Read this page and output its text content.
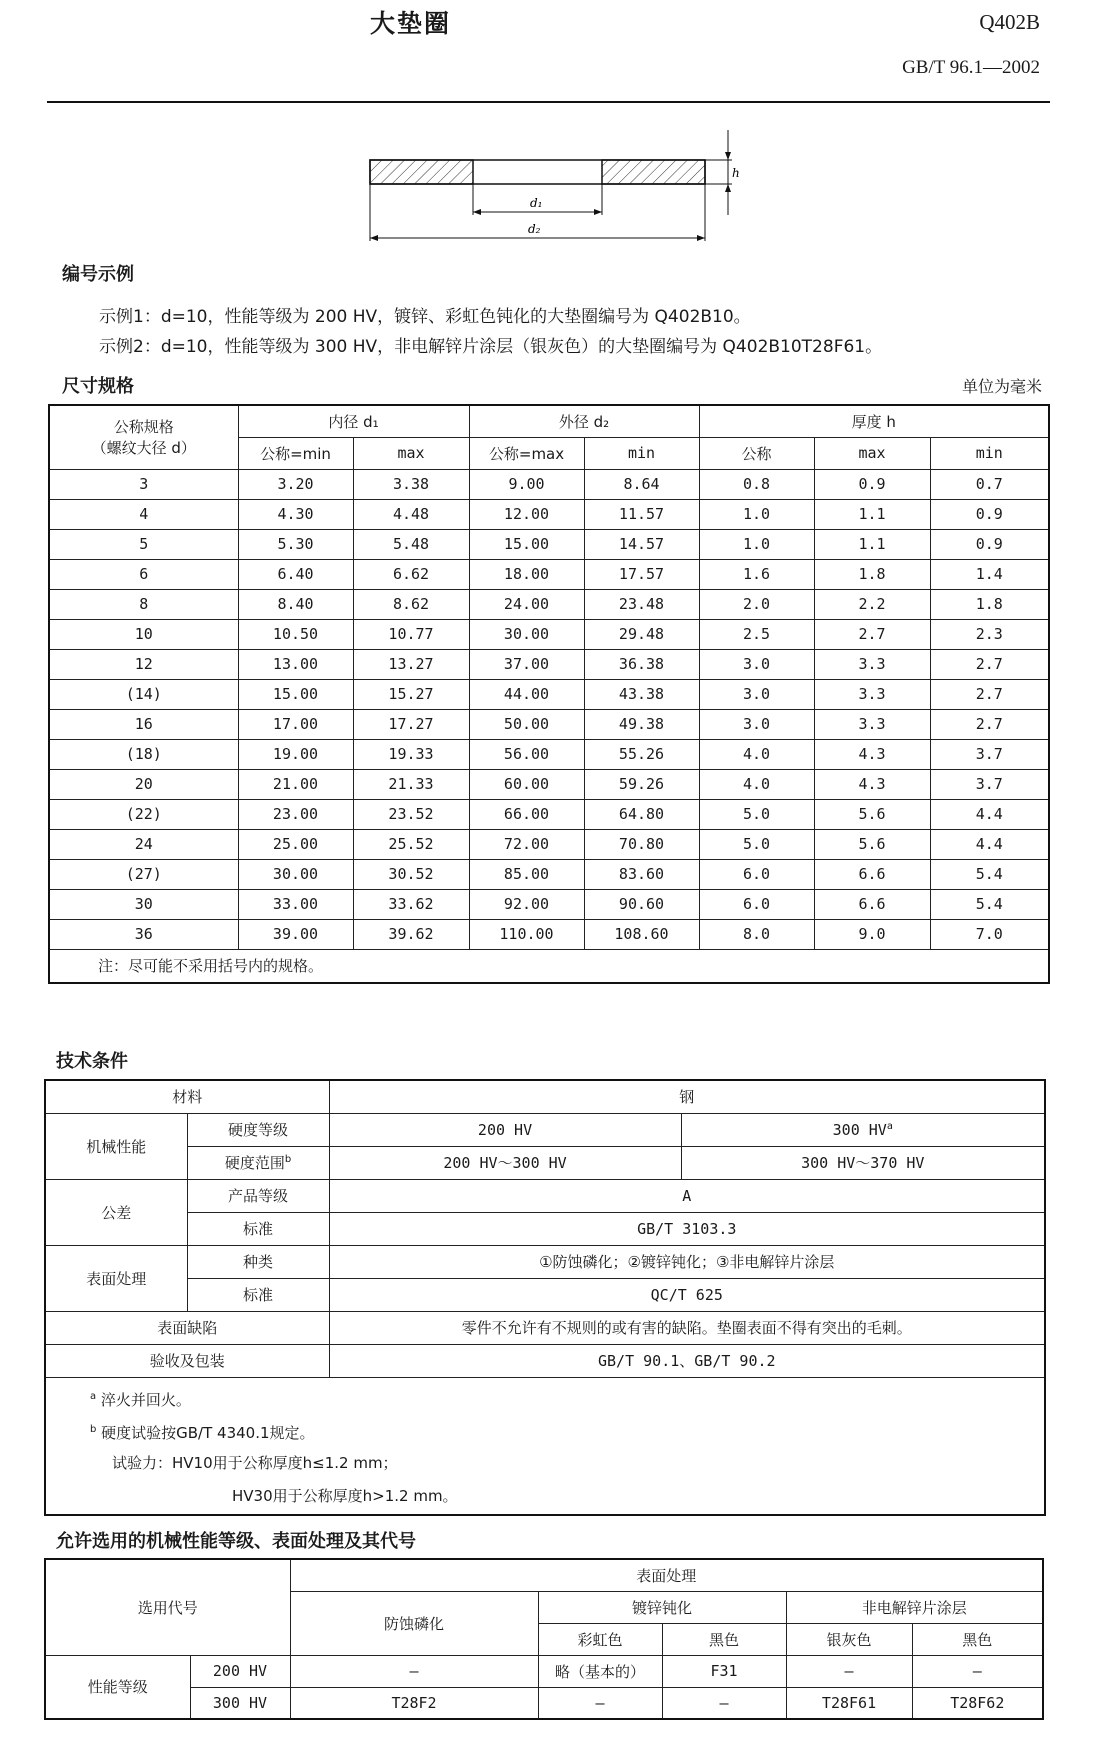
大垫圈	Q402B
GB/T 96.1—2002
d₁
d₂
h
编号示例
示例1：d=10，性能等级为 200 HV，镀锌、彩虹色钝化的大垫圈编号为 Q402B10。
示例2：d=10，性能等级为 300 HV，非电解锌片涂层（银灰色）的大垫圈编号为 Q402B10T28F61。
尺寸规格	单位为毫米
公称规格
（螺纹大径 d）	内径 d₁		外径 d₂		厚度 h		
	公称=min	max	公称=max	min	公称	max	min
3	3.20	3.38	9.00	8.64	0.8	0.9	0.7
4	4.30	4.48	12.00	11.57	1.0	1.1	0.9
5	5.30	5.48	15.00	14.57	1.0	1.1	0.9
6	6.40	6.62	18.00	17.57	1.6	1.8	1.4
8	8.40	8.62	24.00	23.48	2.0	2.2	1.8
10	10.50	10.77	30.00	29.48	2.5	2.7	2.3
12	13.00	13.27	37.00	36.38	3.0	3.3	2.7
(14)	15.00	15.27	44.00	43.38	3.0	3.3	2.7
16	17.00	17.27	50.00	49.38	3.0	3.3	2.7
(18)	19.00	19.33	56.00	55.26	4.0	4.3	3.7
20	21.00	21.33	60.00	59.26	4.0	4.3	3.7
(22)	23.00	23.52	66.00	64.80	5.0	5.6	4.4
24	25.00	25.52	72.00	70.80	5.0	5.6	4.4
(27)	30.00	30.52	85.00	83.60	6.0	6.6	5.4
30	33.00	33.62	92.00	90.60	6.0	6.6	5.4
36	39.00	39.62	110.00	108.60	8.0	9.0	7.0
注：尽可能不采用括号内的规格。							
技术条件
材料		钢	
机械性能	硬度等级	200 HV	300 $HV^a$
	硬度范围$^b$	200 HV～300 HV	300 HV～370 HV
公差	产品等级	A	
	标准	GB/T 3103.3	
表面处理	种类	①防蚀磷化；②镀锌钝化；③非电解锌片涂层	
	标准	QC/T 625	
表面缺陷		零件不允许有不规则的或有害的缺陷。垫圈表面不得有突出的毛刺。	
验收及包装		GB/T 90.1、GB/T 90.2	

$^a$ 淬火并回火。
$^b$ 硬度试验按GB/T 4340.1规定。
试验力：HV10用于公称厚度h≤1.2 mm；
HV30用于公称厚度h>1.2 mm。			
允许选用的机械性能等级、表面处理及其代号
选用代号		表面处理				
		防蚀磷化	镀锌钝化		非电解锌片涂层	
			彩虹色	黑色	银灰色	黑色
性能等级	200 HV	—	略（基本的）	F31	—	—
	300 HV	T28F2	—	—	T28F61	T28F62
